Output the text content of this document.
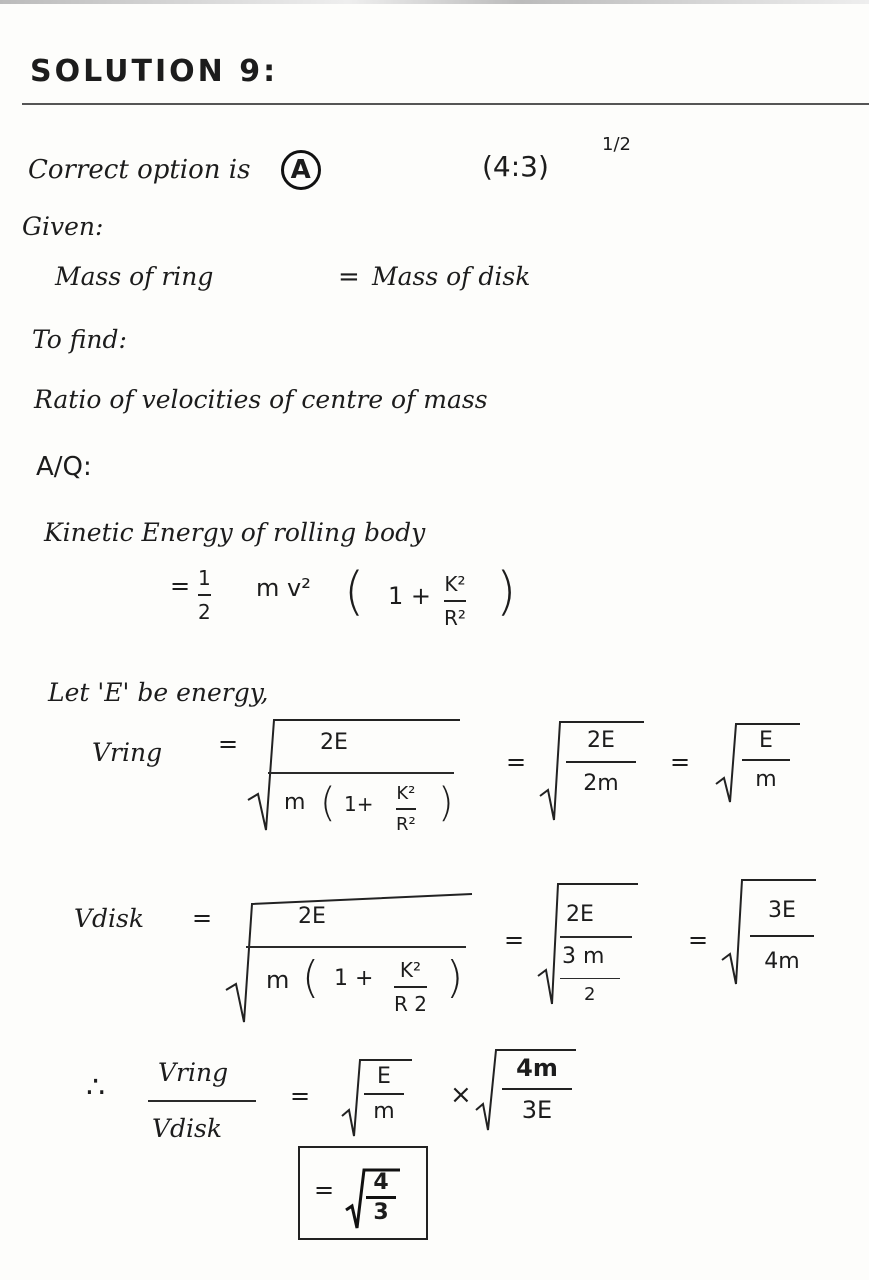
SOLUTION 9:
Correct option is A	(4:3)
1/2
Given:
Mass of ring	= Mass of disk
To find:
Ratio of velocities of centre of mass
A/Q:
Kinetic Energy of rolling body
= 1
2
m v² ( 1 + K²
R² )
Let 'E' be energy,
Vring =	2E
m ( 1+ K²
R² )
=
2E
2m
=
E
m
Vdisk =	2E
m ( 1 + K²
R 2
)
=
2E
3 m
2
=
3E
4m
∴ Vring
Vdisk
=
E
m
×
4m
3E
= 4
3
